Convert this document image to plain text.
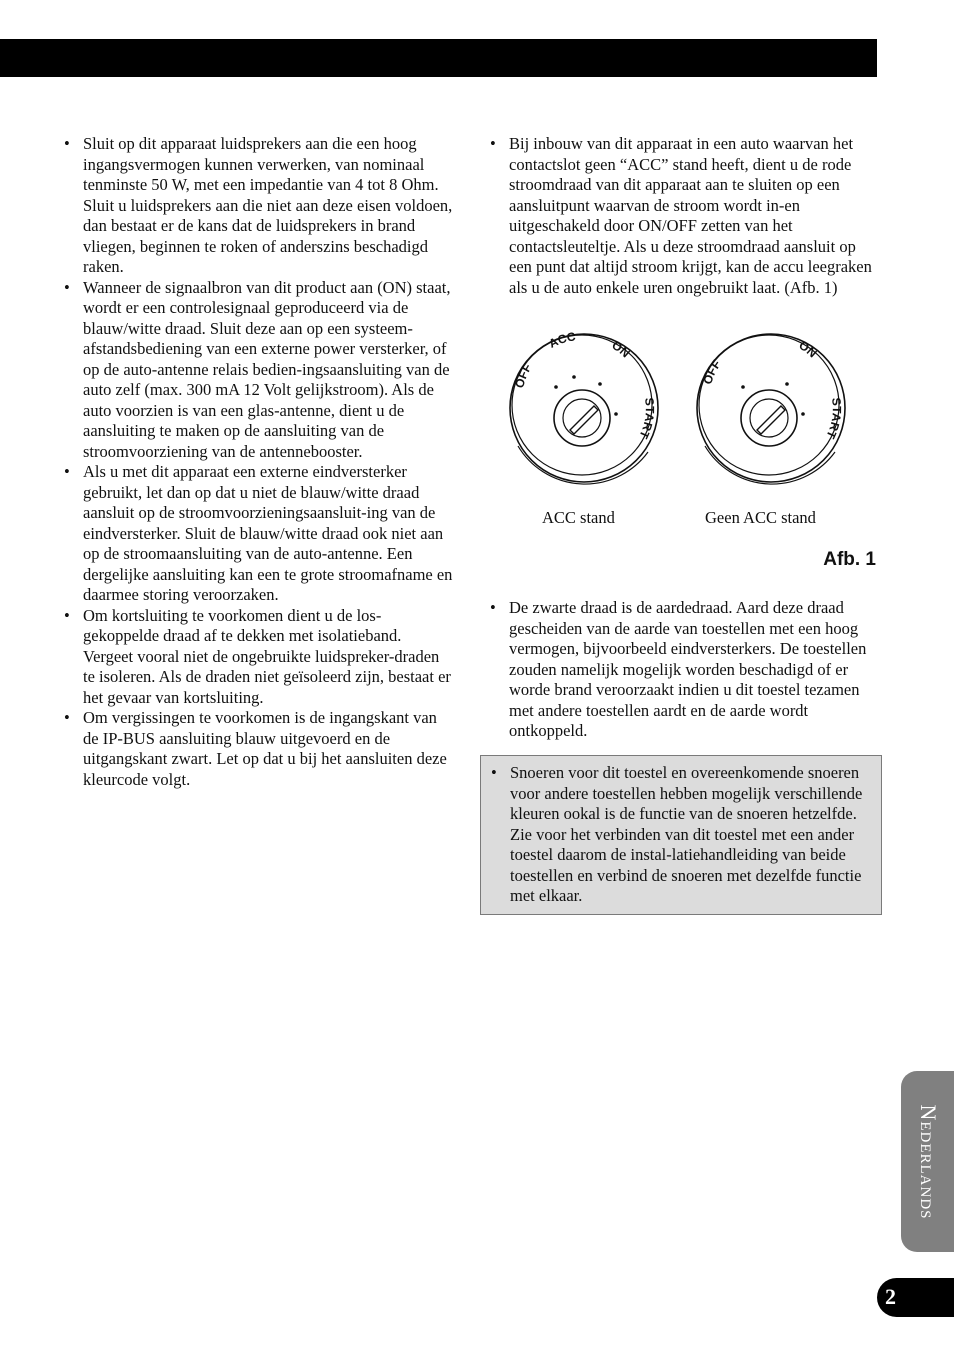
• Sluit op dit apparaat luidsprekers aan die een hoog ingangsvermogen kunnen verwerken, van nominaal tenminste 50 W, met een impedantie van 4 tot 8 Ohm. Sluit u luidsprekers aan die niet aan deze eisen voldoen, dan bestaat er de kans dat de luidsprekers in brand vliegen, beginnen te roken of anderszins beschadigd raken.
• Wanneer de signaalbron van dit product aan (ON) staat, wordt er een controlesignaal geproduceerd via de blauw/witte draad. Sluit deze aan op een systeem-afstandsbediening van een externe power versterker, of op de auto-antenne relais bedien-ingsaansluiting van de auto zelf (max. 300 mA 12 Volt gelijkstroom). Als de auto voorzien is van een glas-antenne, dient u de aansluiting te maken op de aansluiting van de stroomvoorziening van de antennebooster.
• Als u met dit apparaat een externe eindversterker gebruikt, let dan op dat u niet de blauw/witte draad aansluit op de stroomvoorzieningsaansluit-ing van de eindversterker. Sluit de blauw/witte draad ook niet aan op de stroomaansluiting van de auto-antenne. Een dergelijke aansluiting kan een te grote stroomafname en daarmee storing veroorzaken.
• Om kortsluiting te voorkomen dient u de los-gekoppelde draad af te dekken met isolatieband. Vergeet vooral niet de ongebruikte luidspreker-draden te isoleren. Als de draden niet geïsoleerd zijn, bestaat er het gevaar van kortsluiting.
• Om vergissingen te voorkomen is de ingangskant van de IP-BUS aansluiting blauw uitgevoerd en de uitgangskant zwart. Let op dat u bij het aansluiten deze kleurcode volgt.
• Bij inbouw van dit apparaat in een auto waarvan het contactslot geen “ACC” stand heeft, dient u de rode stroomdraad van dit apparaat aan te sluiten op een aansluitpunt waarvan de stroom wordt in-en uitgeschakeld door ON/OFF zetten van het contactsleuteltje. Als u deze stroomdraad aansluit op een punt dat altijd stroom krijgt, kan de accu leegraken als u de auto enkele uren ongebruikt laat. (Afb. 1)
OFF
ACC
ON
START
OFF
ON
START
ACC stand	Geen ACC stand
Afb. 1
• De zwarte draad is de aardedraad. Aard deze draad gescheiden van de aarde van toestellen met een hoog vermogen, bijvoorbeeld eindversterkers. De toestellen zouden namelijk mogelijk worden beschadigd of er worde brand veroorzaakt indien u dit toestel tezamen met andere toestellen aardt en de aarde wordt ontkoppeld.
• Snoeren voor dit toestel en overeenkomende snoeren voor andere toestellen hebben mogelijk verschillende kleuren ookal is de functie van de snoeren hetzelfde. Zie voor het verbinden van dit toestel met een ander toestel daarom de instal-latiehandleiding van beide toestellen en verbind de snoeren met dezelfde functie met elkaar.
Nederlands
2
